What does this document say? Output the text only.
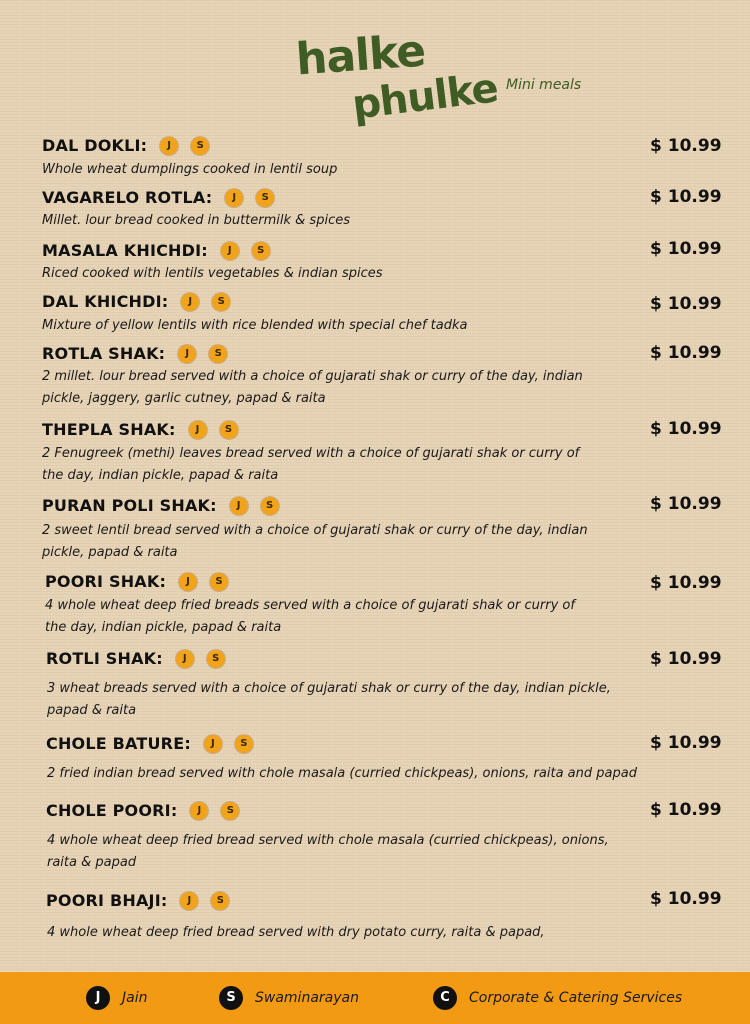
halke
phulke Mini meals
DAL DOKLI:	J	S	$ 10.99
Whole wheat dumplings cooked in lentil soup
VAGARELO ROTLA:	J	S	$ 10.99
Millet. lour bread cooked in buttermilk & spices
MASALA KHICHDI:	J	S	$ 10.99
Riced cooked with lentils vegetables & indian spices
DAL KHICHDI:	J	S	$ 10.99
Mixture of yellow lentils with rice blended with special chef tadka
ROTLA SHAK:	J	S	$ 10.99
2 millet. lour bread served with a choice of gujarati shak or curry of the day, indian
pickle, jaggery, garlic cutney, papad & raita
THEPLA SHAK:	J	S	$ 10.99
2 Fenugreek (methi) leaves bread served with a choice of gujarati shak or curry of
the day, indian pickle, papad & raita
PURAN POLI SHAK:	J	S	$ 10.99
2 sweet lentil bread served with a choice of gujarati shak or curry of the day, indian
pickle, papad & raita
POORI SHAK:	J	S	$ 10.99
4 whole wheat deep fried breads served with a choice of gujarati shak or curry of
the day, indian pickle, papad & raita
ROTLI SHAK:	J	S	$ 10.99
3 wheat breads served with a choice of gujarati shak or curry of the day, indian pickle,
papad & raita
CHOLE BATURE:	J	S	$ 10.99
2 fried indian bread served with chole masala (curried chickpeas), onions, raita and papad
CHOLE POORI:	J	S	$ 10.99
4 whole wheat deep fried bread served with chole masala (curried chickpeas), onions,
raita & papad
POORI BHAJI:	J	S	$ 10.99
4 whole wheat deep fried bread served with dry potato curry, raita & papad,
J	Jain	S	Swaminarayan	C	Corporate & Catering Services
